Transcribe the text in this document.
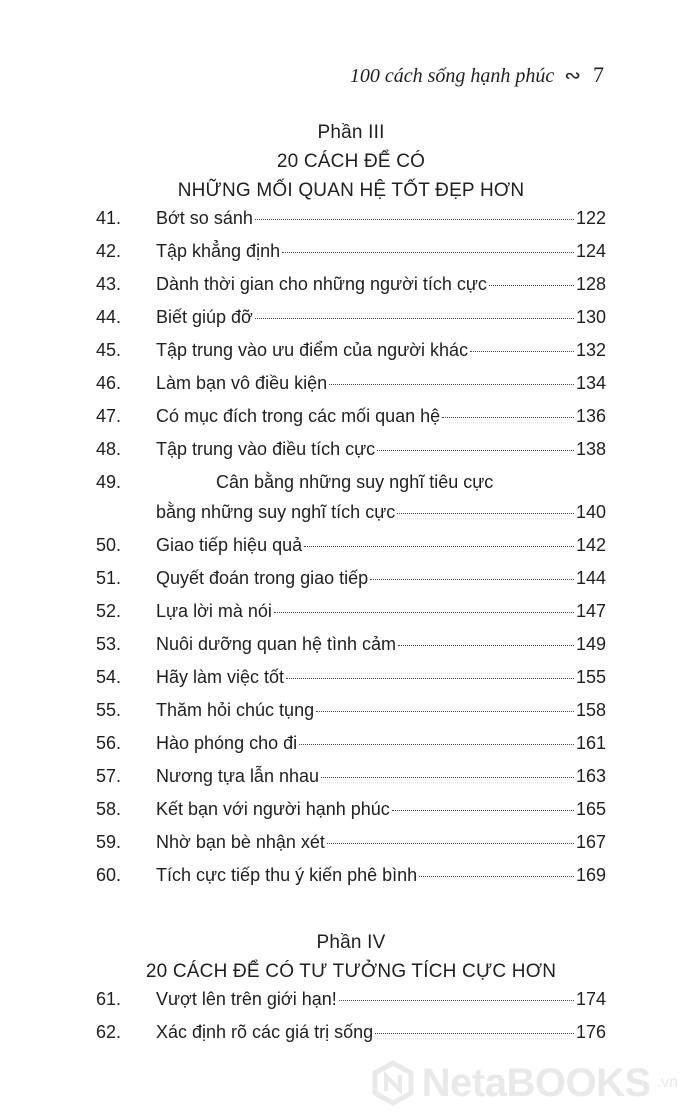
100 cách sống hạnh phúc ∾ 7
Phần III
20 CÁCH ĐỂ CÓ
NHỮNG MỐI QUAN HỆ TỐT ĐẸP HƠN
41.	Bớt so sánh	122
42.	Tập khẳng định	124
43.	Dành thời gian cho những người tích cực	128
44.	Biết giúp đỡ	130
45.	Tập trung vào ưu điểm của người khác	132
46.	Làm bạn vô điều kiện	134
47.	Có mục đích trong các mối quan hệ	136
48.	Tập trung vào điều tích cực	138
49.	Cân bằng những suy nghĩ tiêu cực
bằng những suy nghĩ tích cực	140
50.	Giao tiếp hiệu quả	142
51.	Quyết đoán trong giao tiếp	144
52.	Lựa lời mà nói	147
53.	Nuôi dưỡng quan hệ tình cảm	149
54.	Hãy làm việc tốt	155
55.	Thăm hỏi chúc tụng	158
56.	Hào phóng cho đi	161
57.	Nương tựa lẫn nhau	163
58.	Kết bạn với người hạnh phúc	165
59.	Nhờ bạn bè nhận xét	167
60.	Tích cực tiếp thu ý kiến phê bình	169
Phần IV
20 CÁCH ĐỂ CÓ TƯ TƯỞNG TÍCH CỰC HƠN
61.	Vượt lên trên giới hạn!	174
62.	Xác định rõ các giá trị sống	176
NetaBOOKS .vn
